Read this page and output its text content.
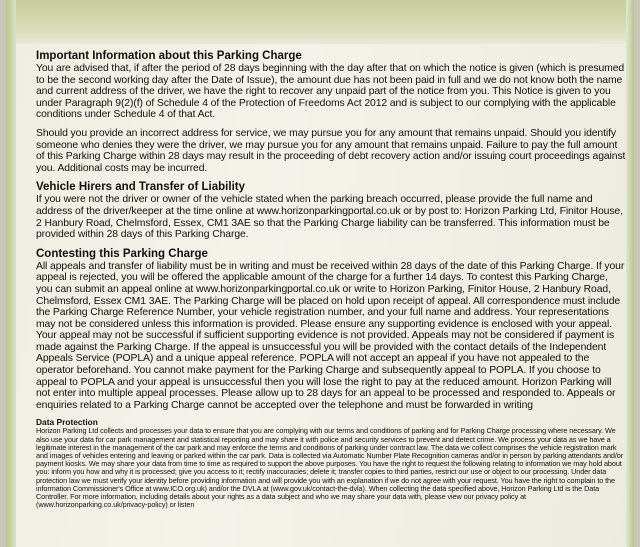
Important Information about this Parking Charge

You are advised that, if after the period of 28 days beginning with the day after that on which the notice is given (which is presumed to be the second working day after the Date of Issue), the amount due has not been paid in full and we do not know both the name and current address of the driver, we have the right to recover any unpaid part of the notice from you. This Notice is given to you under Paragraph 9(2)(f) of Schedule 4 of the Protection of Freedoms Act 2012 and is subject to our complying with the applicable conditions under Schedule 4 of that Act.

Should you provide an incorrect address for service, we may pursue you for any amount that remains unpaid. Should you identify someone who denies they were the driver, we may pursue you for any amount that remains unpaid. Failure to pay the full amount of this Parking Charge within 28 days may result in the proceeding of debt recovery action and/or issuing court proceedings against you. Additional costs may be incurred.

Vehicle Hirers and Transfer of Liability

If you were not the driver or owner of the vehicle stated when the parking breach occurred, please provide the full name and address of the driver/keeper at the time online at www.horizonparkingportal.co.uk or by post to: Horizon Parking Ltd, Finitor House, 2 Hanbury Road, Chelmsford, Essex, CM1 3AE so that the Parking Charge liability can be transferred. This information must be provided within 28 days of this Parking Charge.

Contesting this Parking Charge

All appeals and transfer of liability must be in writing and must be received within 28 days of the date of this Parking Charge. If your appeal is rejected, you will be offered the applicable amount of the charge for a further 14 days. To contest this Parking Charge, you can submit an appeal online at www.horizonparkingportal.co.uk or write to Horizon Parking, Finitor House, 2 Hanbury Road, Chelmsford, Essex CM1 3AE. The Parking Charge will be placed on hold upon receipt of appeal. All correspondence must include the Parking Charge Reference Number, your vehicle registration number, and your full name and address. Your representations may not be considered unless this information is provided. Please ensure any supporting evidence is enclosed with your appeal. Your appeal may not be successful if sufficient supporting evidence is not provided. Appeals may not be considered if payment is made against the Parking Charge. If the appeal is unsuccessful you will be provided with the contact details of the Independent Appeals Service (POPLA) and a unique appeal reference. POPLA will not accept an appeal if you have not appealed to the operator beforehand. You cannot make payment for the Parking Charge and subsequently appeal to POPLA. If you choose to appeal to POPLA and your appeal is unsuccessful then you will lose the right to pay at the reduced amount. Horizon Parking will not enter into multiple appeal processes. Please allow up to 28 days for an appeal to be processed and responded to. Appeals or enquiries related to a Parking Charge cannot be accepted over the telephone and must be forwarded in writing

Data Protection

Horizon Parking Ltd collects and processes your data to ensure that you are complying with our terms and conditions of parking and for Parking Charge processing where necessary. We also use your data for car park management and statistical reporting and may share it with police and security services to prevent and detect crime. We process your data as we have a legitimate interest in the management of the car park and may enforce the terms and conditions of parking under contract law. The data we collect comprises the vehicle registration mark and images of vehicles entering and leaving or parked within the car park. Data is collected via Automatic Number Plate Recognition cameras and/or in person by parking attendants and/or payment kiosks. We may share your data from time to time as required to support the above purposes. You have the right to request the following relating to information we may hold about you: inform you how and why it is processed; give you access to it; rectify inaccuracies; delete it; transfer copies to third parties, restrict our use or object to our processing. Under data protection law we must verify your identity before providing information and will provide you with an explanation if we do not agree with your request. You have the right to complain to the information Commissioner's Office at www.ICO.org.uk) and/or the DVLA at (www.gov.uk/contact-the-dvla). When collecting the data specified above, Horizon Parking Ltd is the Data Controller. For more information, including details about your rights as a data subject and who we may share your data with, please view our privacy policy at (www.horizonparking.co.uk/privacy-policy) or listen
